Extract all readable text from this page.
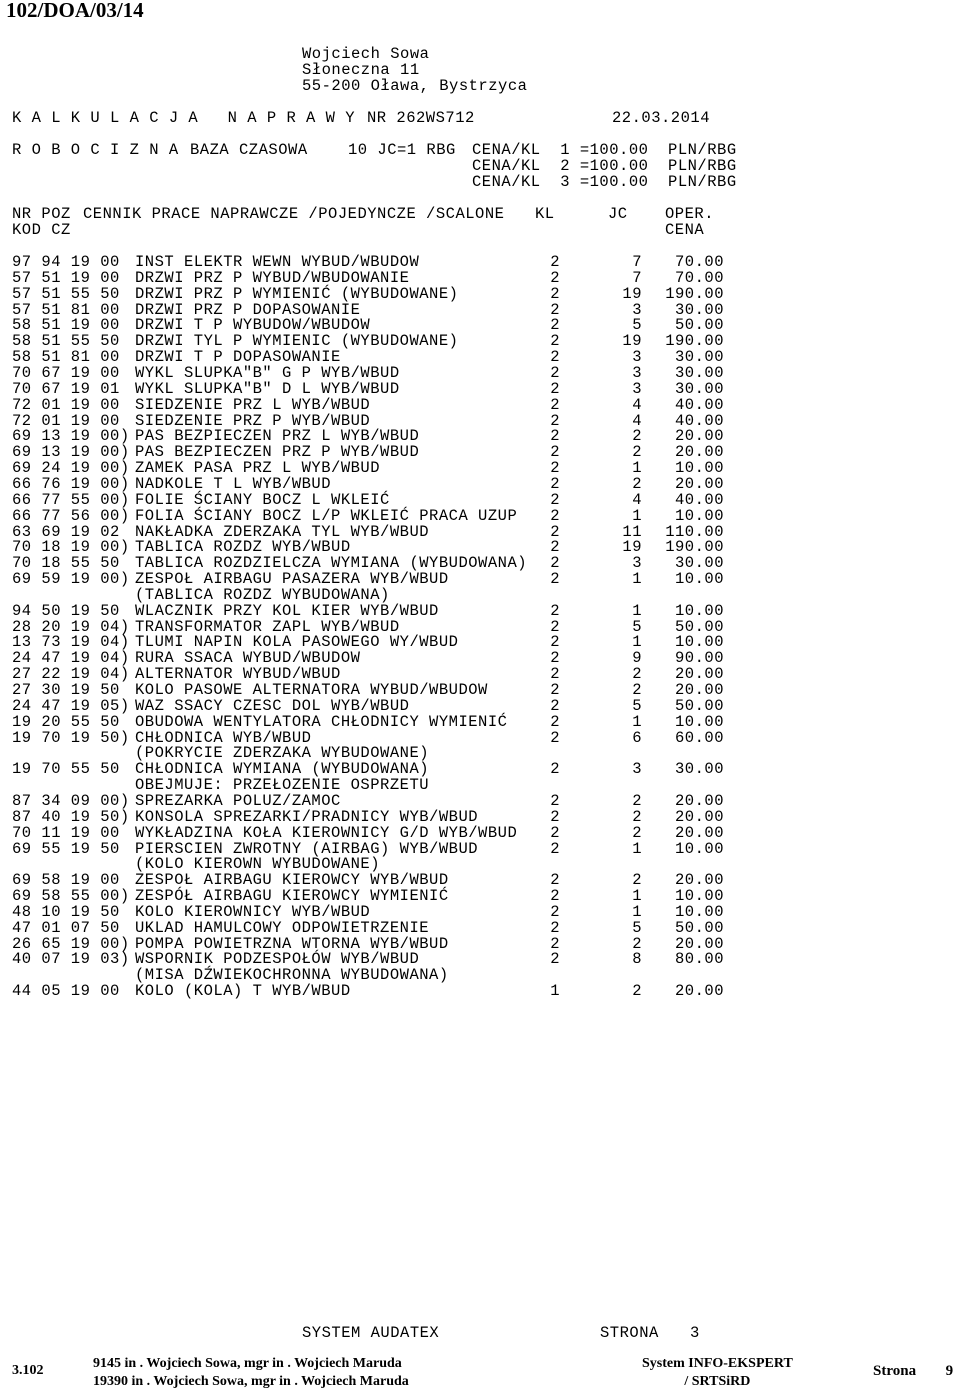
102/DOA/03/14

Wojciech Sowa

Słoneczna 11

55-200 Oława, Bystrzyca

K A L K U L A C J A   N A P R A W Y

NR 262WS712

	22.03.2014

R O B O C I Z N A

BAZA CZASOWA

	10 JC=1 RBG

CENA/KL  1 =100.00  PLN/RBG

CENA/KL  2 =100.00  PLN/RBG

CENA/KL  3 =100.00  PLN/RBG

NR POZ

KOD CZ

CENNIK PRACE NAPRAWCZE /POJEDYNCZE /SCALONE

KL

	JC

OPER.

CENA

97 94 19 00 INST ELEKTR WEWN WYBUD/WBUDOW	2	7	70.00
57 51 19 00 DRZWI PRZ P WYBUD/WBUDOWANIE	2	7	70.00
57 51 55 50 DRZWI PRZ P WYMIENIĆ (WYBUDOWANE)	2	19	190.00
57 51 81 00 DRZWI PRZ P DOPASOWANIE	2	3	30.00
58 51 19 00 DRZWI T P WYBUDOW/WBUDOW	2	5	50.00
58 51 55 50 DRZWI TYL P WYMIENIC (WYBUDOWANE)	2	19	190.00
58 51 81 00 DRZWI T P DOPASOWANIE	2	3	30.00
70 67 19 00 WYKL SLUPKA"B" G P WYB/WBUD	2	3	30.00
70 67 19 01 WYKL SLUPKA"B" D L WYB/WBUD	2	3	30.00
72 01 19 00 SIEDZENIE PRZ L WYB/WBUD	2	4	40.00
72 01 19 00 SIEDZENIE PRZ P WYB/WBUD	2	4	40.00
69 13 19 00) PAS BEZPIECZEN PRZ L WYB/WBUD	2	2	20.00
69 13 19 00) PAS BEZPIECZEN PRZ P WYB/WBUD	2	2	20.00
69 24 19 00) ZAMEK PASA PRZ L WYB/WBUD	2	1	10.00
66 76 19 00) NADKOLE T L WYB/WBUD	2	2	20.00
66 77 55 00) FOLIE ŚCIANY BOCZ L WKLEIĆ	2	4	40.00
66 77 56 00) FOLIA ŚCIANY BOCZ L/P WKLEIĆ PRACA UZUP	2	1	10.00
63 69 19 02 NAKŁADKA ZDERZAKA TYL WYB/WBUD	2	11	110.00
70 18 19 00) TABLICA ROZDZ WYB/WBUD	2	19	190.00
70 18 55 50 TABLICA ROZDZIELCZA WYMIANA (WYBUDOWANA)	2	3	30.00
69 59 19 00) ZESPOŁ AIRBAGU PASAZERA WYB/WBUD	2	1	10.00
(TABLICA ROZDZ WYBUDOWANA)
94 50 19 50 WLACZNIK PRZY KOL KIER WYB/WBUD	2	1	10.00
28 20 19 04) TRANSFORMATOR ZAPL WYB/WBUD	2	5	50.00
13 73 19 04) TLUMI NAPIN KOLA PASOWEGO WY/WBUD	2	1	10.00
24 47 19 04) RURA SSACA WYBUD/WBUDOW	2	9	90.00
27 22 19 04) ALTERNATOR WYBUD/WBUD	2	2	20.00
27 30 19 50 KOLO PASOWE ALTERNATORA WYBUD/WBUDOW	2	2	20.00
24 47 19 05) WAZ SSACY CZESC DOL WYB/WBUD	2	5	50.00
19 20 55 50 OBUDOWA WENTYLATORA CHŁODNICY WYMIENIĆ	2	1	10.00
19 70 19 50) CHŁODNICA WYB/WBUD	2	6	60.00
(POKRYCIE ZDERZAKA WYBUDOWANE)
19 70 55 50 CHŁODNICA WYMIANA (WYBUDOWANA)	2	3	30.00
OBEJMUJE: PRZEŁOZENIE OSPRZETU
87 34 09 00) SPREZARKA POLUZ/ZAMOC	2	2	20.00
87 40 19 50) KONSOLA SPREZARKI/PRADNICY WYB/WBUD	2	2	20.00
70 11 19 00 WYKŁADZINA KOŁA KIEROWNICY G/D WYB/WBUD	2	2	20.00
69 55 19 50 PIERSCIEN ZWROTNY (AIRBAG) WYB/WBUD	2	1	10.00
(KOLO KIEROWN WYBUDOWANE)
69 58 19 00 ZESPOŁ AIRBAGU KIEROWCY WYB/WBUD	2	2	20.00
69 58 55 00) ZESPÓŁ AIRBAGU KIEROWCY WYMIENIĆ	2	1	10.00
48 10 19 50 KOLO KIEROWNICY WYB/WBUD	2	1	10.00
47 01 07 50 UKLAD HAMULCOWY ODPOWIETRZENIE	2	5	50.00
26 65 19 00) POMPA POWIETRZNA WTORNA WYB/WBUD	2	2	20.00
40 07 19 03) WSPORNIK PODZESPOŁÓW WYB/WBUD	2	8	80.00
(MISA DŹWIEKOCHRONNA WYBUDOWANA)
44 05 19 00 KOLO (KOLA) T WYB/WBUD	1	2	20.00

SYSTEM AUDATEX

	STRONA

3

3.102	9145 in . Wojciech Sowa, mgr in . Wojciech Maruda
19390 in . Wojciech Sowa, mgr in . Wojciech Maruda
System INFO-EKSPERT
/ SRTSiRD
Strona 9
